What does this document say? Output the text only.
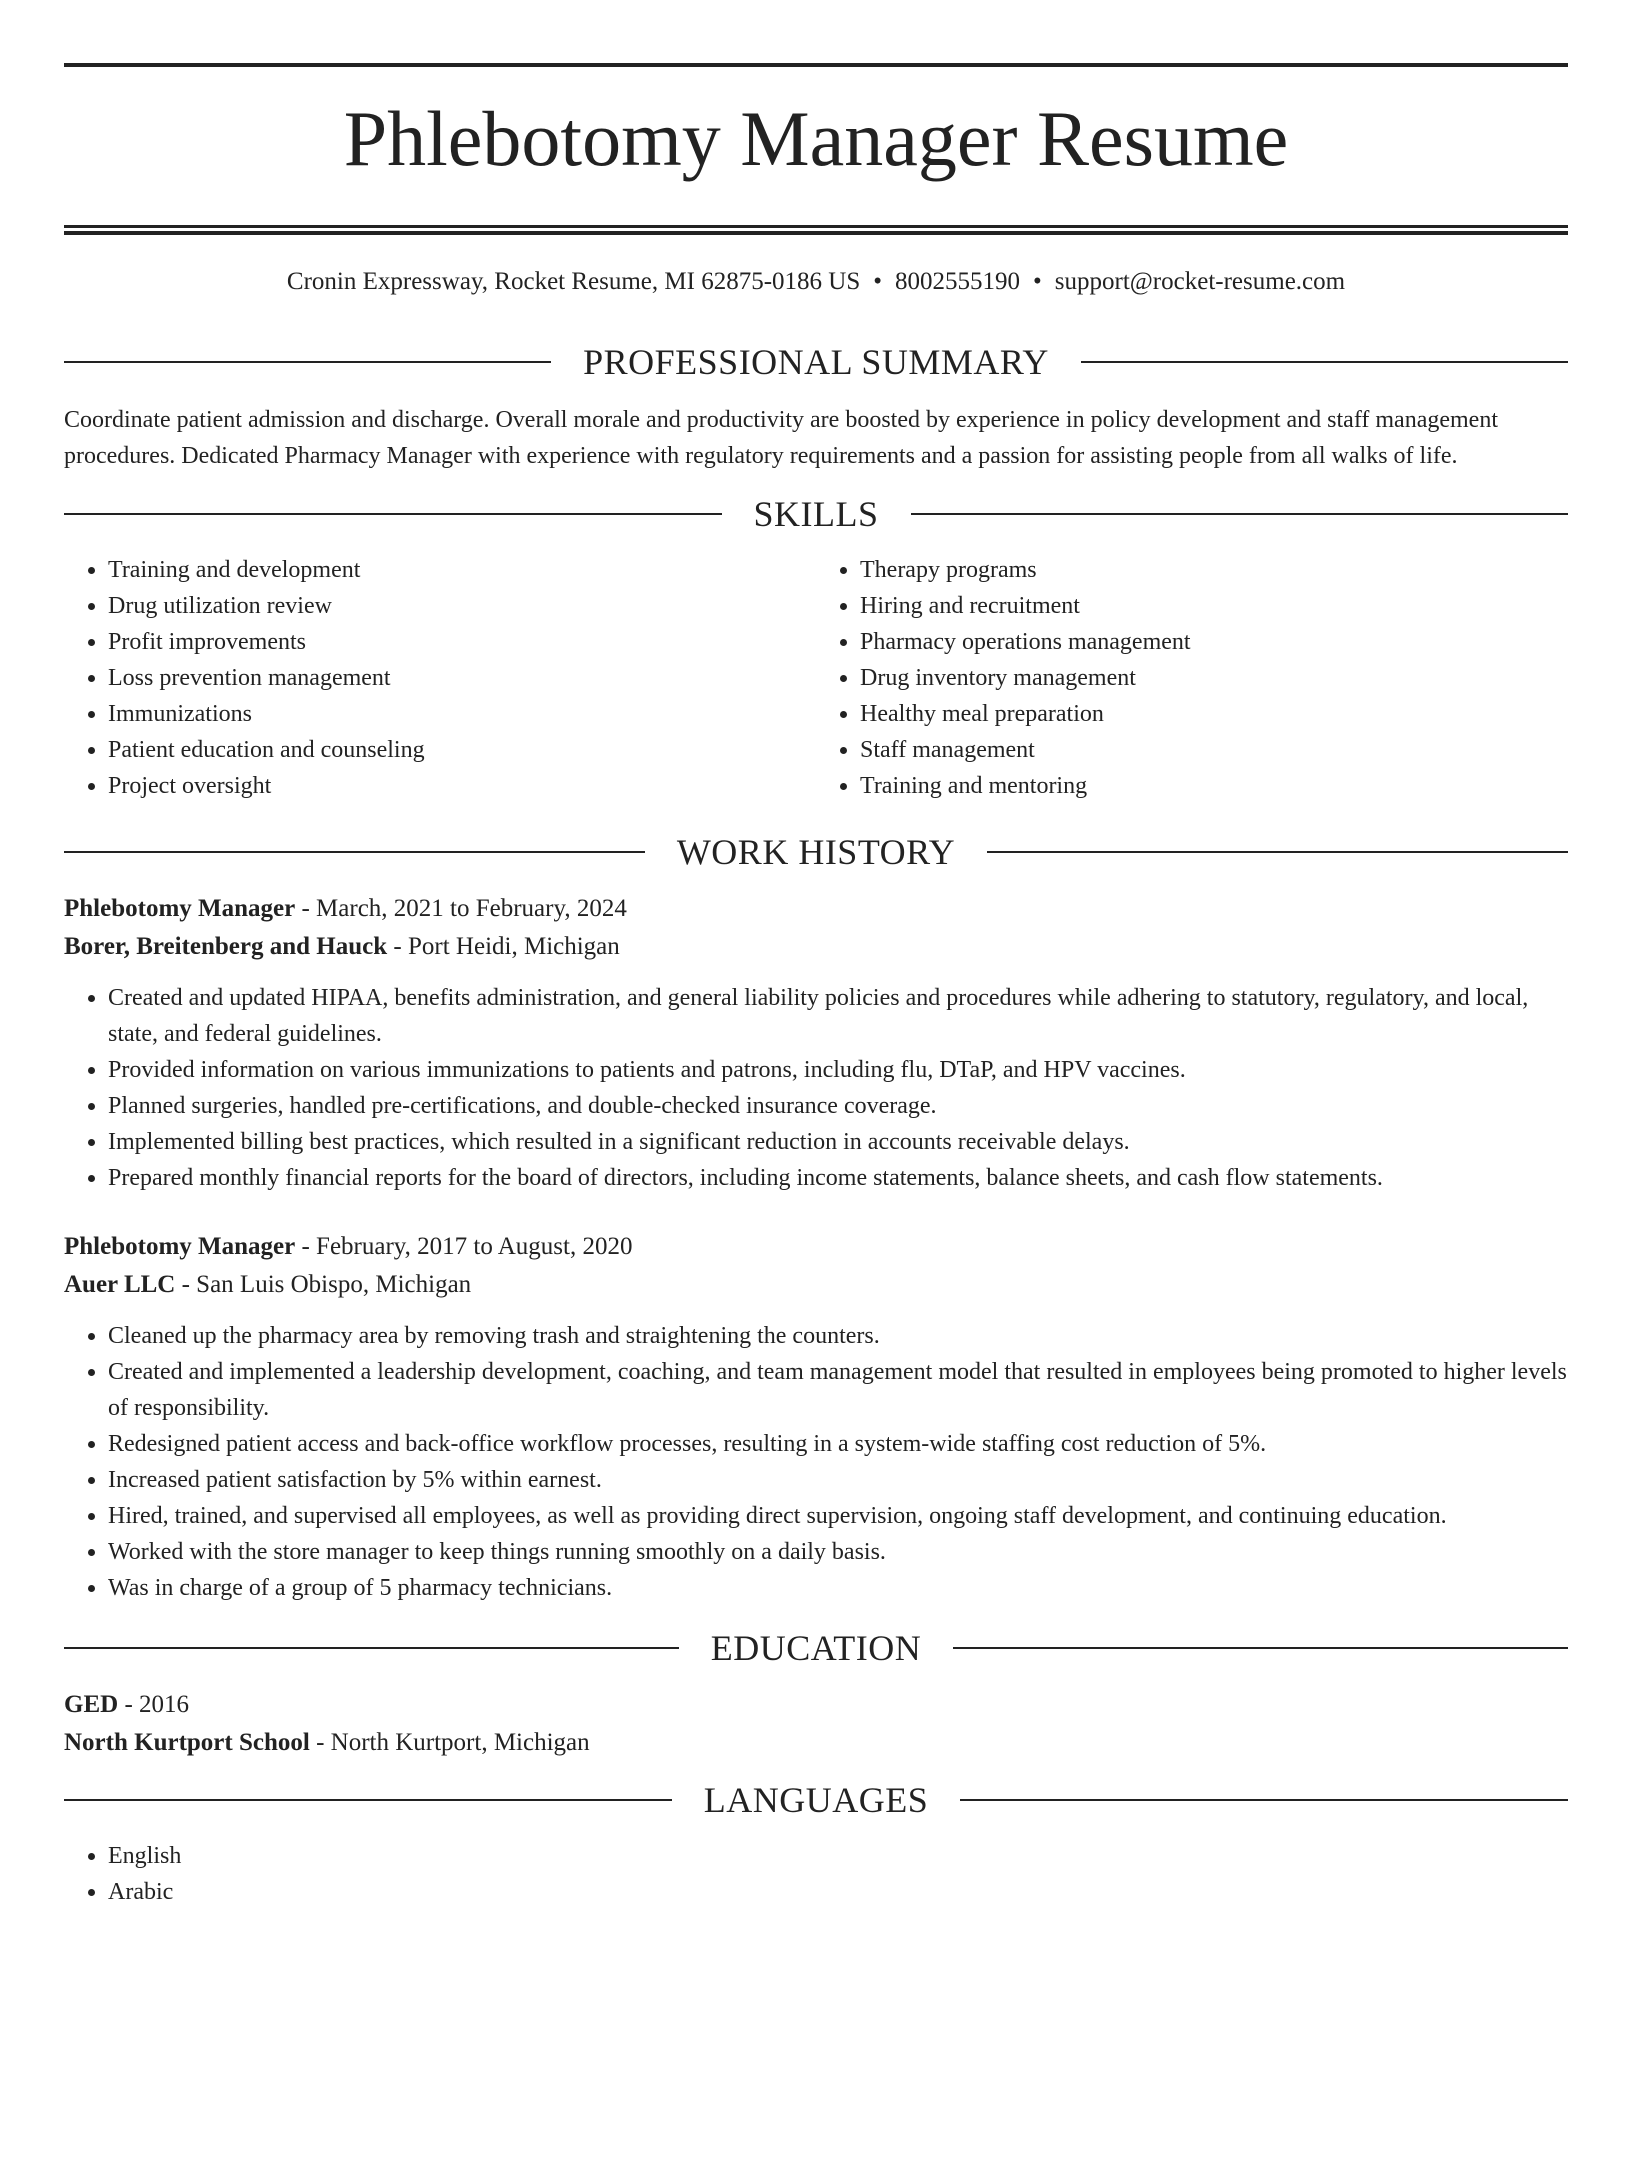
Phlebotomy Manager Resume
Cronin Expressway, Rocket Resume, MI 62875-0186 US • 8002555190 • support@rocket-resume.com
PROFESSIONAL SUMMARY
Coordinate patient admission and discharge. Overall morale and productivity are boosted by experience in policy development and staff management procedures. Dedicated Pharmacy Manager with experience with regulatory requirements and a passion for assisting people from all walks of life.
SKILLS
• Training and development
• Drug utilization review
• Profit improvements
• Loss prevention management
• Immunizations
• Patient education and counseling
• Project oversight
• Therapy programs
• Hiring and recruitment
• Pharmacy operations management
• Drug inventory management
• Healthy meal preparation
• Staff management
• Training and mentoring
WORK HISTORY
Phlebotomy Manager - March, 2021 to February, 2024
Borer, Breitenberg and Hauck - Port Heidi, Michigan
• Created and updated HIPAA, benefits administration, and general liability policies and procedures while adhering to statutory, regulatory, and local, state, and federal guidelines.
• Provided information on various immunizations to patients and patrons, including flu, DTaP, and HPV vaccines.
• Planned surgeries, handled pre-certifications, and double-checked insurance coverage.
• Implemented billing best practices, which resulted in a significant reduction in accounts receivable delays.
• Prepared monthly financial reports for the board of directors, including income statements, balance sheets, and cash flow statements.
Phlebotomy Manager - February, 2017 to August, 2020
Auer LLC - San Luis Obispo, Michigan
• Cleaned up the pharmacy area by removing trash and straightening the counters.
• Created and implemented a leadership development, coaching, and team management model that resulted in employees being promoted to higher levels of responsibility.
• Redesigned patient access and back-office workflow processes, resulting in a system-wide staffing cost reduction of 5%.
• Increased patient satisfaction by 5% within earnest.
• Hired, trained, and supervised all employees, as well as providing direct supervision, ongoing staff development, and continuing education.
• Worked with the store manager to keep things running smoothly on a daily basis.
• Was in charge of a group of 5 pharmacy technicians.
EDUCATION
GED - 2016
North Kurtport School - North Kurtport, Michigan
LANGUAGES
• English
• Arabic
